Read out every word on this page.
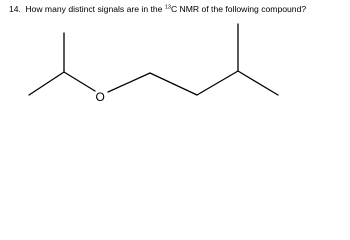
14. How many distinct signals are in the $^{13}$C NMR of the following compound?
O
